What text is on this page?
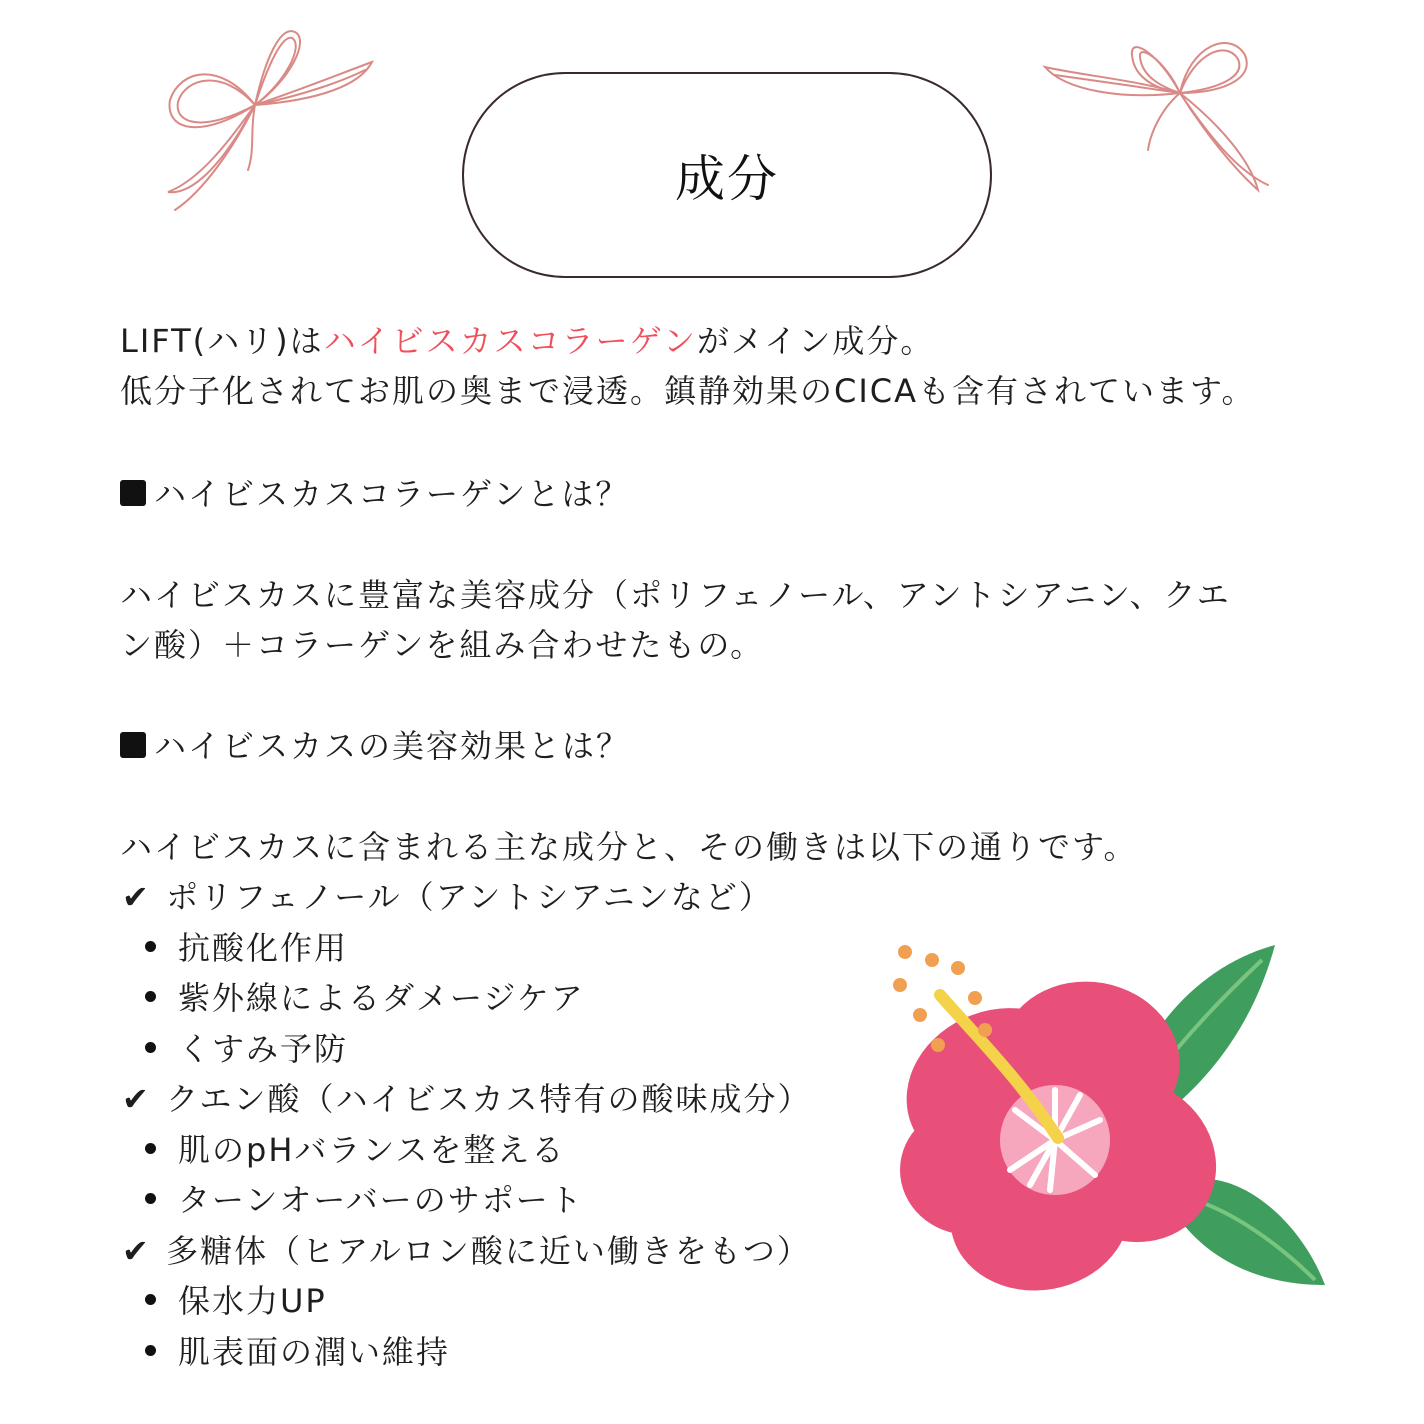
成分
LIFT(ハリ)はハイビスカスコラーゲンがメイン成分。
低分子化されてお肌の奥まで浸透。鎮静効果のCICAも含有されています。
ハイビスカスコラーゲンとは？
ハイビスカスに豊富な美容成分（ポリフェノール、アントシアニン、クエ
ン酸）＋コラーゲンを組み合わせたもの。
ハイビスカスの美容効果とは？
ハイビスカスに含まれる主な成分と、その働きは以下の通りです。
✔ ポリフェノール（アントシアニンなど）
抗酸化作用
紫外線によるダメージケア
くすみ予防
✔ クエン酸（ハイビスカス特有の酸味成分）
肌のpHバランスを整える
ターンオーバーのサポート
✔ 多糖体（ヒアルロン酸に近い働きをもつ）
保水力UP
肌表面の潤い維持
